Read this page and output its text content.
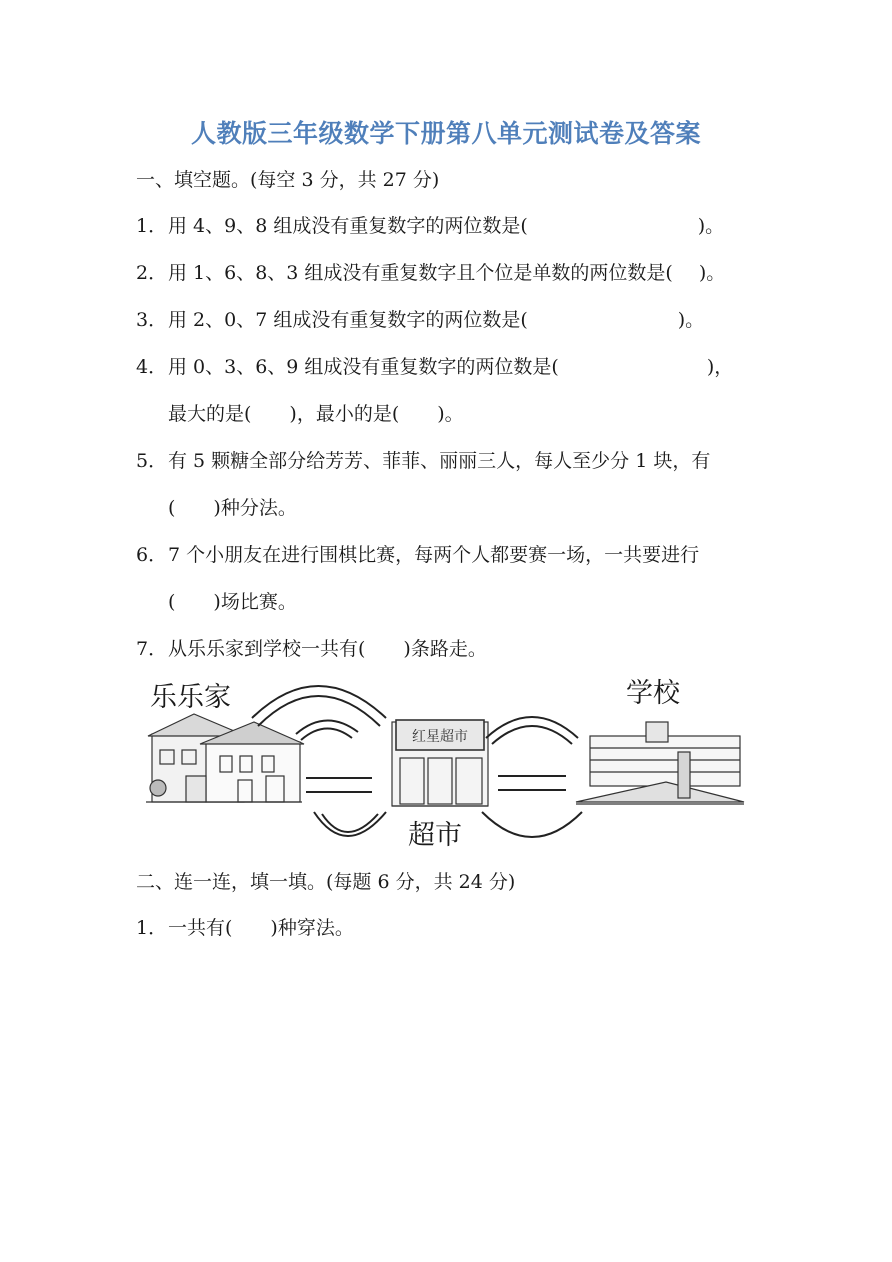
人教版三年级数学下册第八单元测试卷及答案
一、填空题。(每空 3 分，共 27 分)
1．用 4、9、8 组成没有重复数字的两位数是(	)。
2．用 1、6、8、3 组成没有重复数字且个位是单数的两位数是( )。
3．用 2、0、7 组成没有重复数字的两位数是(	)。
4．用 0、3、6、9 组成没有重复数字的两位数是(	)，
最大的是( )，最小的是( )。
5．有 5 颗糖全部分给芳芳、菲菲、丽丽三人，每人至少分 1 块，有
( )种分法。
6．7 个小朋友在进行围棋比赛，每两个人都要赛一场，一共要进行
( )场比赛。
7．从乐乐家到学校一共有( )条路走。
乐乐家
红星超市
超市
学校
二、连一连，填一填。(每题 6 分，共 24 分)
1．一共有( )种穿法。
